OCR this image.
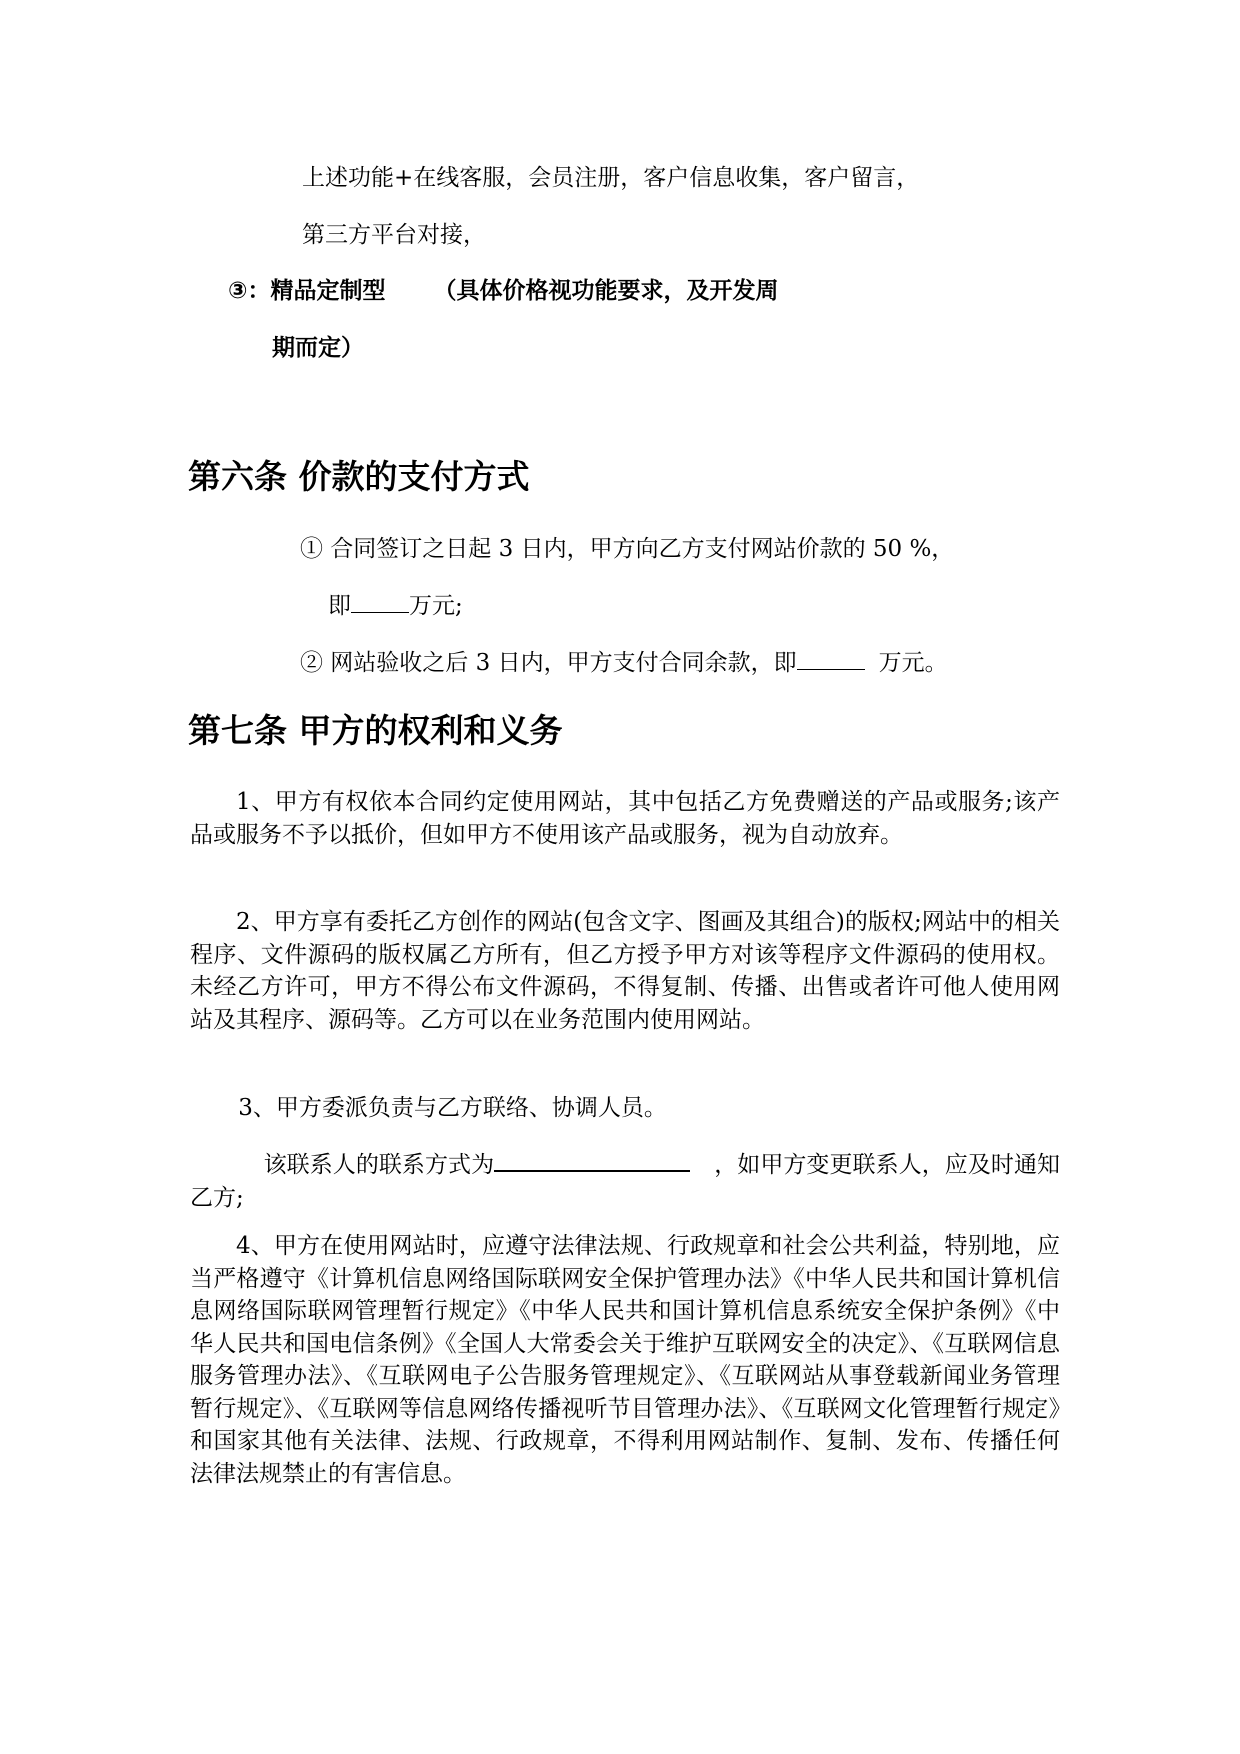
上述功能+在线客服，会员注册，客户信息收集，客户留言，
第三方平台对接，
③：精品定制型      （具体价格视功能要求，及开发周
期而定）
第六条 价款的支付方式
① 合同签订之日起 3 日内，甲方向乙方支付网站价款的 50 %，
即	万元;
② 网站验收之后 3 日内，甲方支付合同余款，即	万元。
第七条 甲方的权利和义务
1、甲方有权依本合同约定使用网站，其中包括乙方免费赠送的产品或服务;该产品或服务不予以抵价，但如甲方不使用该产品或服务，视为自动放弃。
2、甲方享有委托乙方创作的网站(包含文字、图画及其组合)的版权;网站中的相关程序、文件源码的版权属乙方所有，但乙方授予甲方对该等程序文件源码的使用权。未经乙方许可，甲方不得公布文件源码，不得复制、传播、出售或者许可他人使用网站及其程序、源码等。乙方可以在业务范围内使用网站。
3、甲方委派负责与乙方联络、协调人员。
该联系人的联系方式为	，如甲方变更联系人，应及时通知乙方;
4、甲方在使用网站时，应遵守法律法规、行政规章和社会公共利益，特别地，应当严格遵守《计算机信息网络国际联网安全保护管理办法》《中华人民共和国计算机信息网络国际联网管理暂行规定》《中华人民共和国计算机信息系统安全保护条例》《中华人民共和国电信条例》《全国人大常委会关于维护互联网安全的决定》、《互联网信息服务管理办法》、《互联网电子公告服务管理规定》、《互联网站从事登载新闻业务管理暂行规定》、《互联网等信息网络传播视听节目管理办法》、《互联网文化管理暂行规定》和国家其他有关法律、法规、行政规章，不得利用网站制作、复制、发布、传播任何法律法规禁止的有害信息。
